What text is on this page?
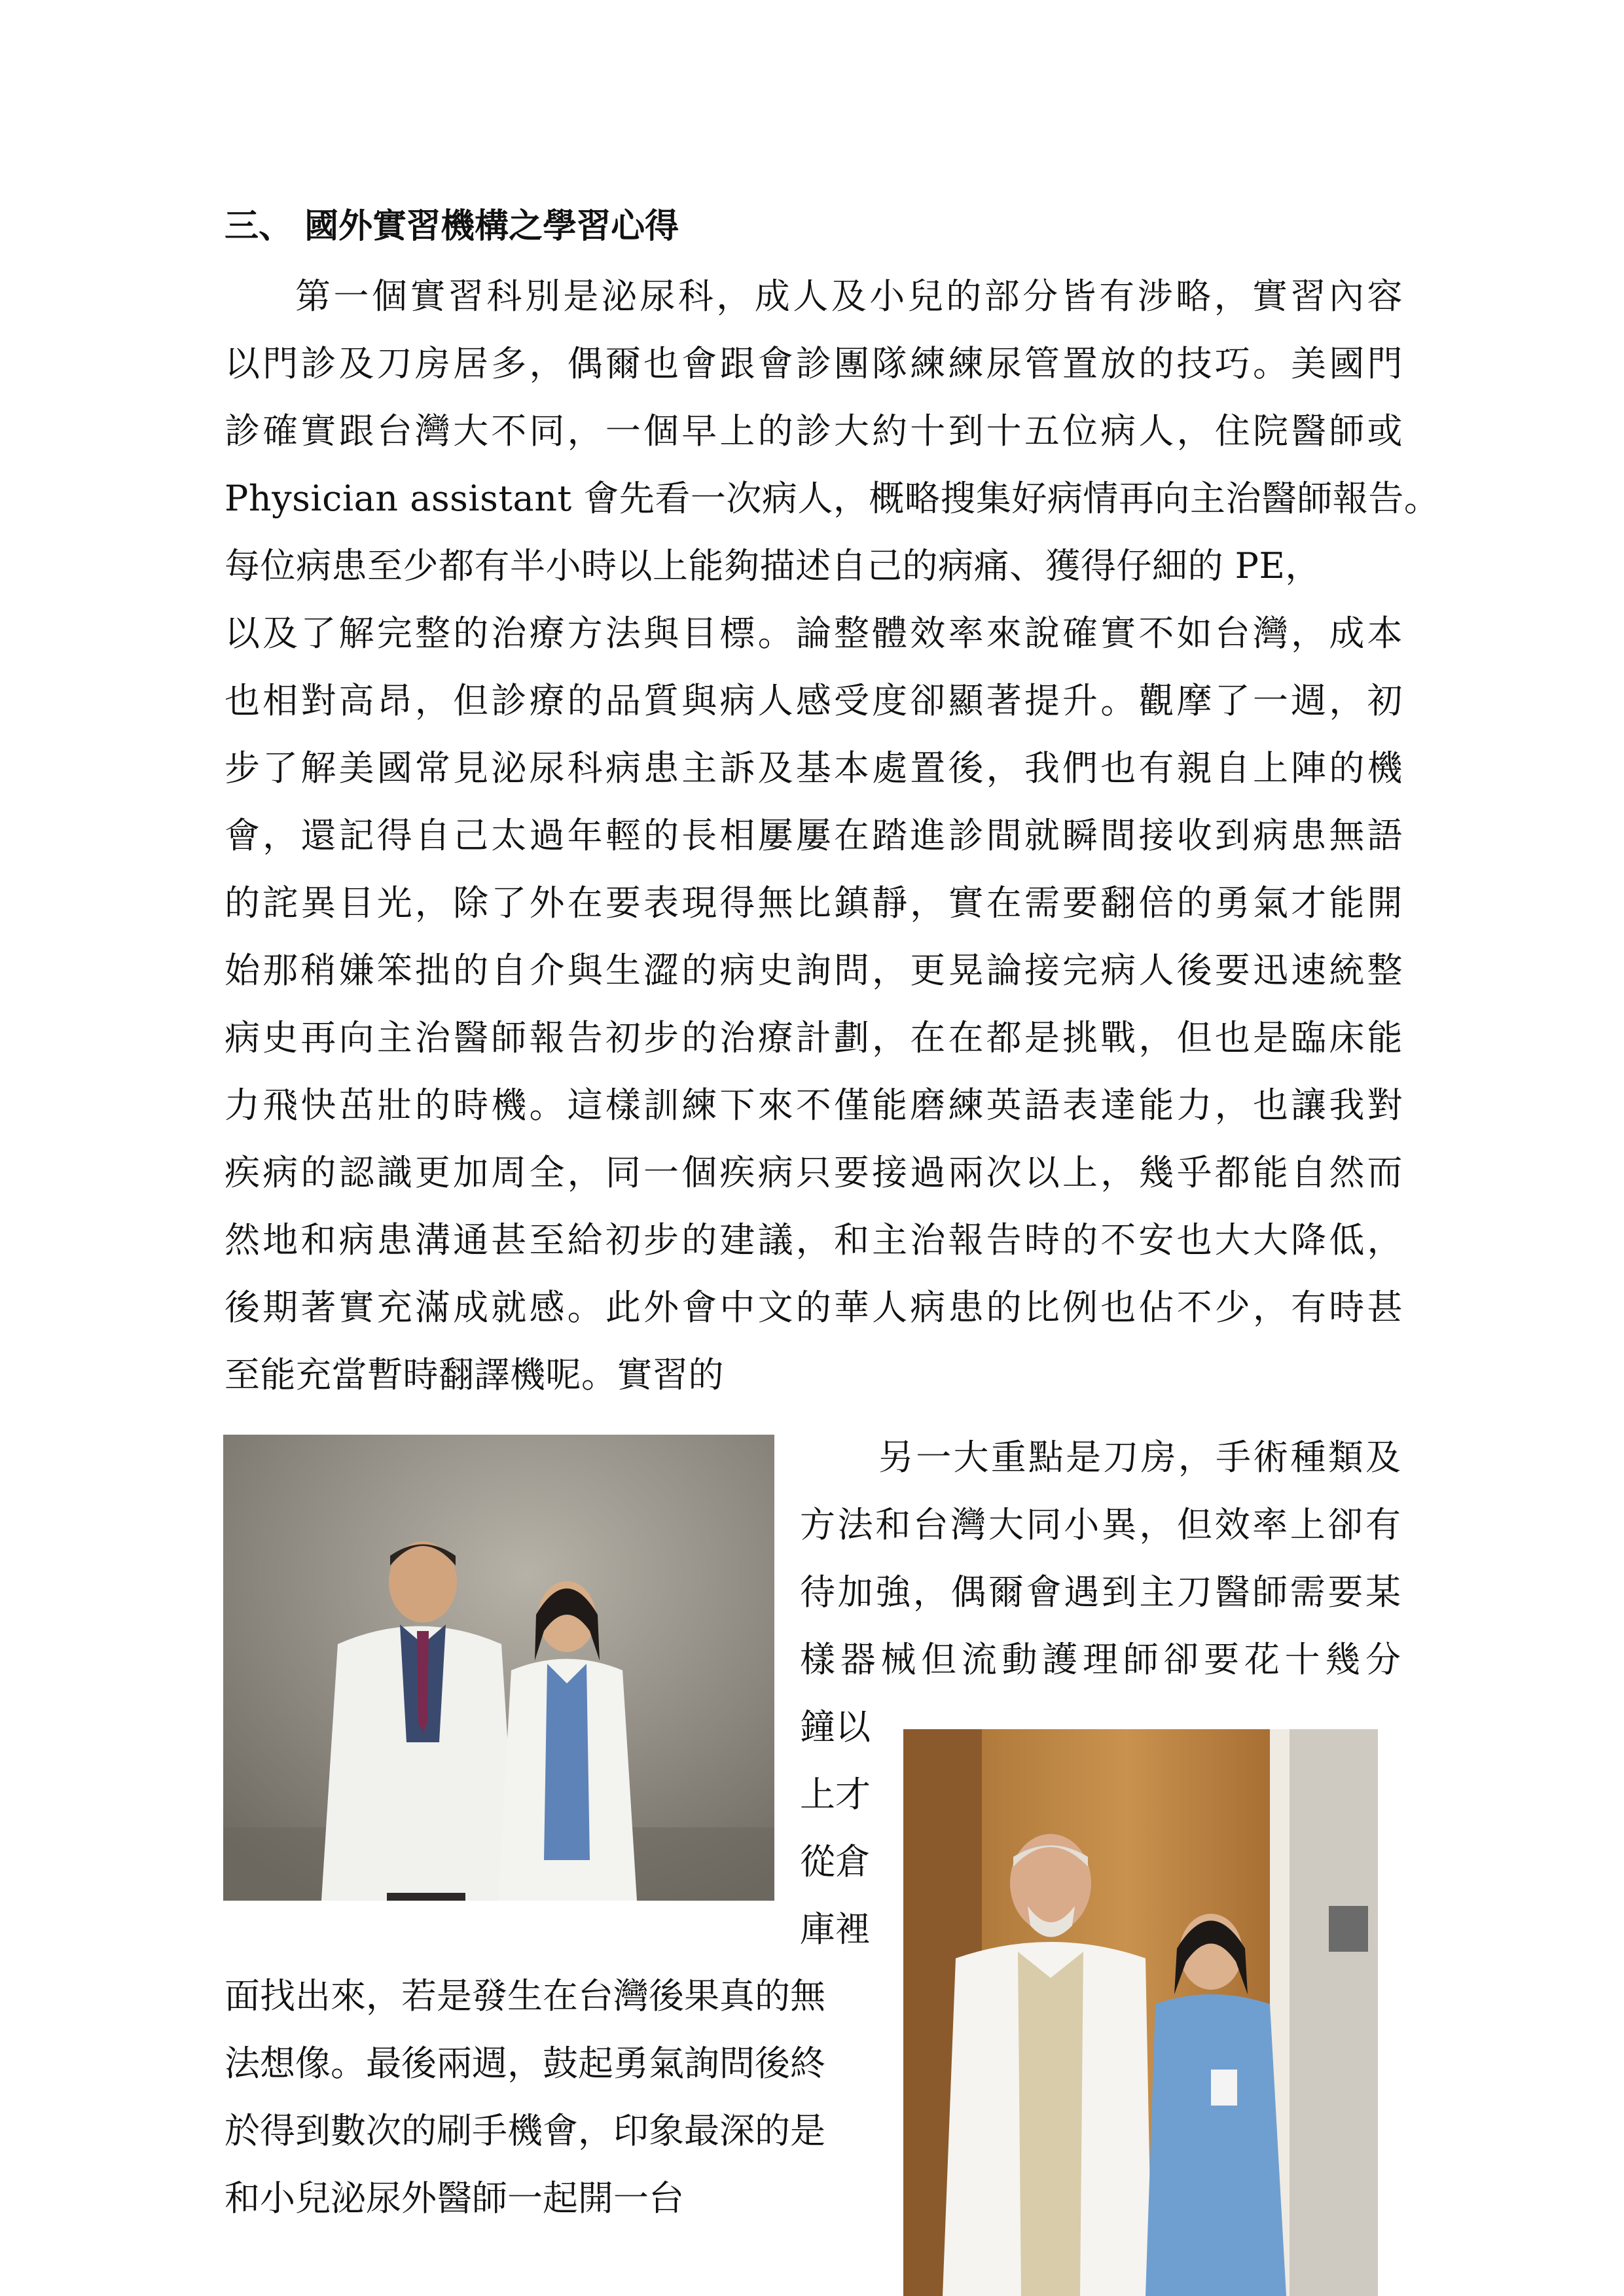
三、 國外實習機構之學習心得
第一個實習科別是泌尿科，成人及小兒的部分皆有涉略，實習內容
以門診及刀房居多，偶爾也會跟會診團隊練練尿管置放的技巧。美國門
診確實跟台灣大不同，一個早上的診大約十到十五位病人，住院醫師或
Physician assistant 會先看一次病人，概略搜集好病情再向主治醫師報告。
每位病患至少都有半小時以上能夠描述自己的病痛、獲得仔細的 PE，
以及了解完整的治療方法與目標。論整體效率來說確實不如台灣，成本
也相對高昂，但診療的品質與病人感受度卻顯著提升。觀摩了一週，初
步了解美國常見泌尿科病患主訴及基本處置後，我們也有親自上陣的機
會，還記得自己太過年輕的長相屢屢在踏進診間就瞬間接收到病患無語
的詫異目光，除了外在要表現得無比鎮靜，實在需要翻倍的勇氣才能開
始那稍嫌笨拙的自介與生澀的病史詢問，更晃論接完病人後要迅速統整
病史再向主治醫師報告初步的治療計劃，在在都是挑戰，但也是臨床能
力飛快茁壯的時機。這樣訓練下來不僅能磨練英語表達能力，也讓我對
疾病的認識更加周全，同一個疾病只要接過兩次以上，幾乎都能自然而
然地和病患溝通甚至給初步的建議，和主治報告時的不安也大大降低，
後期著實充滿成就感。此外會中文的華人病患的比例也佔不少，有時甚
至能充當暫時翻譯機呢。實習的
另一大重點是刀房，手術種類及
方法和台灣大同小異，但效率上卻有
待加強，偶爾會遇到主刀醫師需要某
樣器械但流動護理師卻要花十幾分
鐘以
上才
從倉
庫裡
面找出來，若是發生在台灣後果真的無
法想像。最後兩週，鼓起勇氣詢問後終
於得到數次的刷手機會，印象最深的是
和小兒泌尿外醫師一起開一台
